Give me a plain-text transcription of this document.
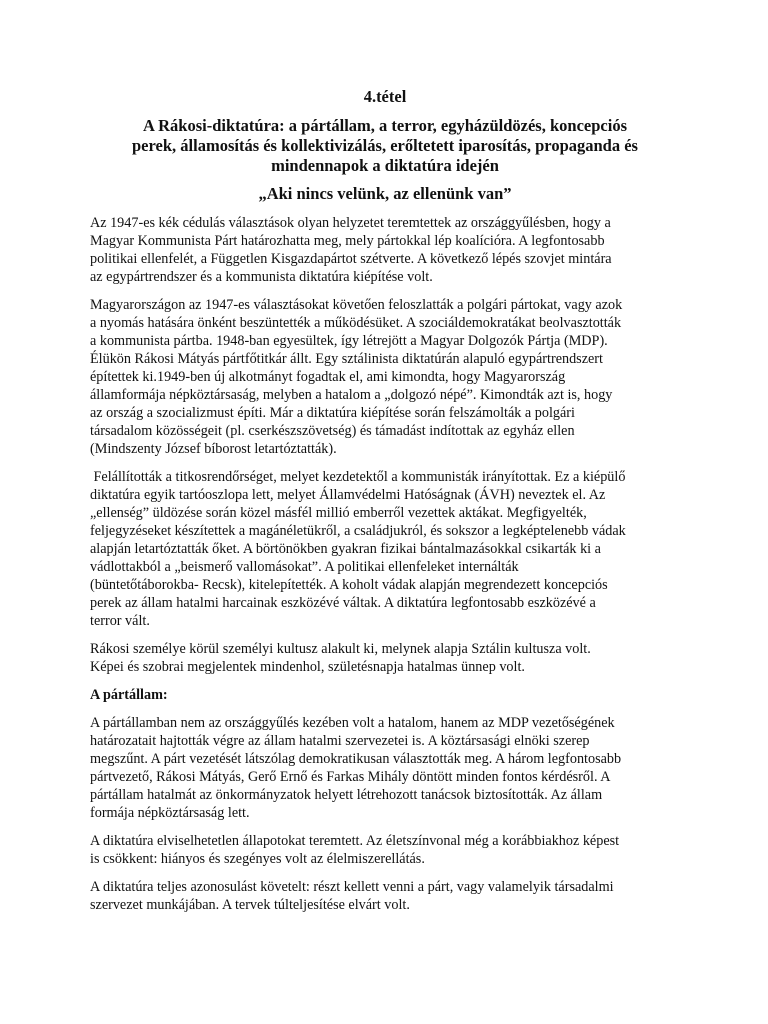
4.tétel
A Rákosi-diktatúra: a pártállam, a terror, egyházüldözés, koncepciós
perek, államosítás és kollektivizálás, erőltetett iparosítás, propaganda és
mindennapok a diktatúra idején
„Aki nincs velünk, az ellenünk van”
Az 1947-es kék cédulás választások olyan helyzetet teremtettek az országgyűlésben, hogy a
Magyar Kommunista Párt határozhatta meg, mely pártokkal lép koalícióra. A legfontosabb
politikai ellenfelét, a Független Kisgazdapártot szétverte. A következő lépés szovjet mintára
az egypártrendszer és a kommunista diktatúra kiépítése volt.
Magyarországon az 1947-es választásokat követően feloszlatták a polgári pártokat, vagy azok
a nyomás hatására önként beszüntették a működésüket. A szociáldemokratákat beolvasztották
a kommunista pártba. 1948-ban egyesültek, így létrejött a Magyar Dolgozók Pártja (MDP).
Élükön Rákosi Mátyás pártfőtitkár állt. Egy sztálinista diktatúrán alapuló egypártrendszert
építettek ki.1949-ben új alkotmányt fogadtak el, ami kimondta, hogy Magyarország
államformája népköztársaság, melyben a hatalom a „dolgozó népé”. Kimondták azt is, hogy
az ország a szocializmust építi. Már a diktatúra kiépítése során felszámolták a polgári
társadalom közösségeit (pl. cserkészszövetség) és támadást indítottak az egyház ellen
(Mindszenty József bíborost letartóztatták).
Felállították a titkosrendőrséget, melyet kezdetektől a kommunisták irányítottak. Ez a kiépülő
diktatúra egyik tartóoszlopa lett, melyet Államvédelmi Hatóságnak (ÁVH) neveztek el. Az
„ellenség” üldözése során közel másfél millió emberről vezettek aktákat. Megfigyelték,
feljegyzéseket készítettek a magánéletükről, a családjukról, és sokszor a legképtelenebb vádak
alapján letartóztatták őket. A börtönökben gyakran fizikai bántalmazásokkal csikarták ki a
vádlottakból a „beismerő vallomásokat”. A politikai ellenfeleket internálták
(büntetőtáborokba- Recsk), kitelepítették. A koholt vádak alapján megrendezett koncepciós
perek az állam hatalmi harcainak eszközévé váltak. A diktatúra legfontosabb eszközévé a
terror vált.
Rákosi személye körül személyi kultusz alakult ki, melynek alapja Sztálin kultusza volt.
Képei és szobrai megjelentek mindenhol, születésnapja hatalmas ünnep volt.
A pártállam:
A pártállamban nem az országgyűlés kezében volt a hatalom, hanem az MDP vezetőségének
határozatait hajtották végre az állam hatalmi szervezetei is. A köztársasági elnöki szerep
megszűnt. A párt vezetését látszólag demokratikusan választották meg. A három legfontosabb
pártvezető, Rákosi Mátyás, Gerő Ernő és Farkas Mihály döntött minden fontos kérdésről. A
pártállam hatalmát az önkormányzatok helyett létrehozott tanácsok biztosították. Az állam
formája népköztársaság lett.
A diktatúra elviselhetetlen állapotokat teremtett. Az életszínvonal még a korábbiakhoz képest
is csökkent: hiányos és szegényes volt az élelmiszerellátás.
A diktatúra teljes azonosulást követelt: részt kellett venni a párt, vagy valamelyik társadalmi
szervezet munkájában. A tervek túlteljesítése elvárt volt.
